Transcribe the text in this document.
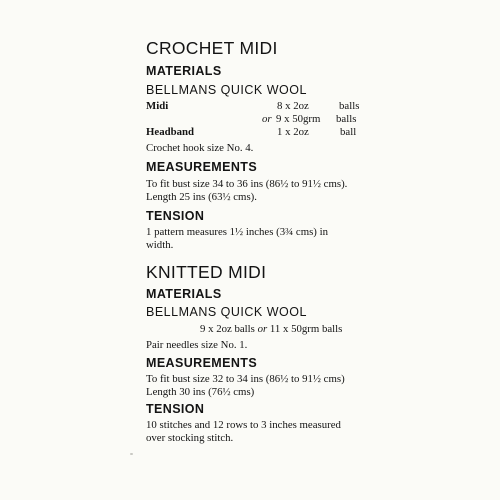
CROCHET MIDI
MATERIALS
BELLMANS QUICK WOOL
Midi	8 x 2oz	balls
or 9 x 50grm balls
Headband	1 x 2oz	ball
Crochet hook size No. 4.
MEASUREMENTS
To fit bust size 34 to 36 ins (86½ to 91½ cms).
Length 25 ins (63½ cms).
TENSION
1 pattern measures 1½ inches (3¾ cms) in
width.
KNITTED MIDI
MATERIALS
BELLMANS QUICK WOOL
9 x 2oz balls or 11 x 50grm balls
Pair needles size No. 1.
MEASUREMENTS
To fit bust size 32 to 34 ins (86½ to 91½ cms)
Length 30 ins (76½ cms)
TENSION
10 stitches and 12 rows to 3 inches measured
over stocking stitch.
